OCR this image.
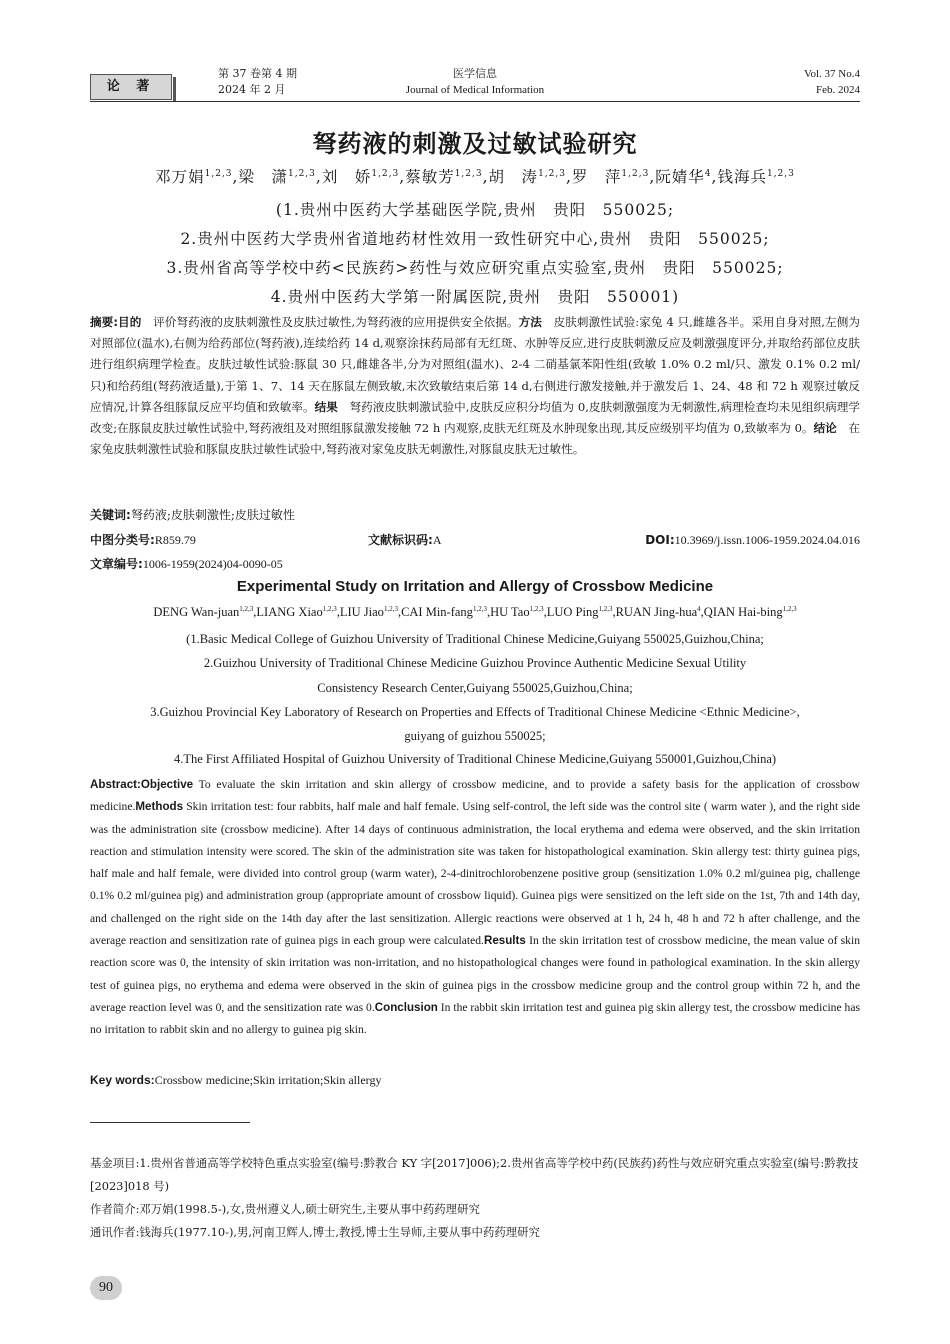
论 著
医学信息
Journal of Medical Information
第 37 卷第 4 期
2024 年 2 月
Vol. 37 No.4
Feb. 2024
弩药液的刺激及过敏试验研究
邓万娟$^{1,2,3}$,梁　潇$^{1,2,3}$,刘　娇$^{1,2,3}$,蔡敏芳$^{1,2,3}$,胡　涛$^{1,2,3}$,罗　萍$^{1,2,3}$,阮婧华$^4$,钱海兵$^{1,2,3}$
(1.贵州中医药大学基础医学院,贵州　贵阳　550025;
2.贵州中医药大学贵州省道地药材性效用一致性研究中心,贵州　贵阳　550025;
3.贵州省高等学校中药<民族药>药性与效应研究重点实验室,贵州　贵阳　550025;
4.贵州中医药大学第一附属医院,贵州　贵阳　550001)
摘要:目的　评价弩药液的皮肤刺激性及皮肤过敏性,为弩药液的应用提供安全依据。方法　皮肤刺激性试验:家兔 4 只,雌雄各半。采用自身对照,左侧为对照部位(温水),右侧为给药部位(弩药液),连续给药 14 d,观察涂抹药局部有无红斑、水肿等反应,进行皮肤刺激反应及刺激强度评分,并取给药部位皮肤进行组织病理学检查。皮肤过敏性试验:豚鼠 30 只,雌雄各半,分为对照组(温水)、2-4 二硝基氯苯阳性组(致敏 1.0% 0.2 ml/只、激发 0.1% 0.2 ml/只)和给药组(弩药液适量),于第 1、7、14 天在豚鼠左侧致敏,末次致敏结束后第 14 d,右侧进行激发接触,并于激发后 1、24、48 和 72 h 观察过敏反应情况,计算各组豚鼠反应平均值和致敏率。结果　弩药液皮肤刺激试验中,皮肤反应积分均值为 0,皮肤刺激强度为无刺激性,病理检查均未见组织病理学改变;在豚鼠皮肤过敏性试验中,弩药液组及对照组豚鼠激发接触 72 h 内观察,皮肤无红斑及水肿现象出现,其反应级别平均值为 0,致敏率为 0。结论　在家兔皮肤刺激性试验和豚鼠皮肤过敏性试验中,弩药液对家兔皮肤无刺激性,对豚鼠皮肤无过敏性。
关键词:弩药液;皮肤刺激性;皮肤过敏性
中图分类号:R859.79	文献标识码:A	DOI:10.3969/j.issn.1006-1959.2024.04.016
文章编号:1006-1959(2024)04-0090-05
Experimental Study on Irritation and Allergy of Crossbow Medicine
DENG Wan-juan$^{1,2,3}$,LIANG Xiao$^{1,2,3}$,LIU Jiao$^{1,2,3}$,CAI Min-fang$^{1,2,3}$,HU Tao$^{1,2,3}$,LUO Ping$^{1,2,3}$,RUAN Jing-hua$^4$,QIAN Hai-bing$^{1,2,3}$
(1.Basic Medical College of Guizhou University of Traditional Chinese Medicine,Guiyang 550025,Guizhou,China;
2.Guizhou University of Traditional Chinese Medicine Guizhou Province Authentic Medicine Sexual Utility
Consistency Research Center,Guiyang 550025,Guizhou,China;
3.Guizhou Provincial Key Laboratory of Research on Properties and Effects of Traditional Chinese Medicine <Ethnic Medicine>,
guiyang of guizhou 550025;
4.The First Affiliated Hospital of Guizhou University of Traditional Chinese Medicine,Guiyang 550001,Guizhou,China)
Abstract:Objective To evaluate the skin irritation and skin allergy of crossbow medicine, and to provide a safety basis for the application of crossbow medicine.Methods Skin irritation test: four rabbits, half male and half female. Using self-control, the left side was the control site ( warm water ), and the right side was the administration site (crossbow medicine). After 14 days of continuous administration, the local erythema and edema were observed, and the skin irritation reaction and stimulation intensity were scored. The skin of the administration site was taken for histopathological examination. Skin allergy test: thirty guinea pigs, half male and half female, were divided into control group (warm water), 2-4-dinitrochlorobenzene positive group (sensitization 1.0% 0.2 ml/guinea pig, challenge 0.1% 0.2 ml/guinea pig) and administration group (appropriate amount of crossbow liquid). Guinea pigs were sensitized on the left side on the 1st, 7th and 14th day, and challenged on the right side on the 14th day after the last sensitization. Allergic reactions were observed at 1 h, 24 h, 48 h and 72 h after challenge, and the average reaction and sensitization rate of guinea pigs in each group were calculated.Results In the skin irritation test of crossbow medicine, the mean value of skin reaction score was 0, the intensity of skin irritation was non-irritation, and no histopathological changes were found in pathological examination. In the skin allergy test of guinea pigs, no erythema and edema were observed in the skin of guinea pigs in the crossbow medicine group and the control group within 72 h, and the average reaction level was 0, and the sensitization rate was 0.Conclusion In the rabbit skin irritation test and guinea pig skin allergy test, the crossbow medicine has no irritation to rabbit skin and no allergy to guinea pig skin.
Key words:Crossbow medicine;Skin irritation;Skin allergy
基金项目:1.贵州省普通高等学校特色重点实验室(编号:黔教合 KY 字[2017]006);2.贵州省高等学校中药(民族药)药性与效应研究重点实验室(编号:黔教技[2023]018 号)
作者简介:邓万娟(1998.5-),女,贵州遵义人,硕士研究生,主要从事中药药理研究
通讯作者:钱海兵(1977.10-),男,河南卫辉人,博士,教授,博士生导师,主要从事中药药理研究
90
